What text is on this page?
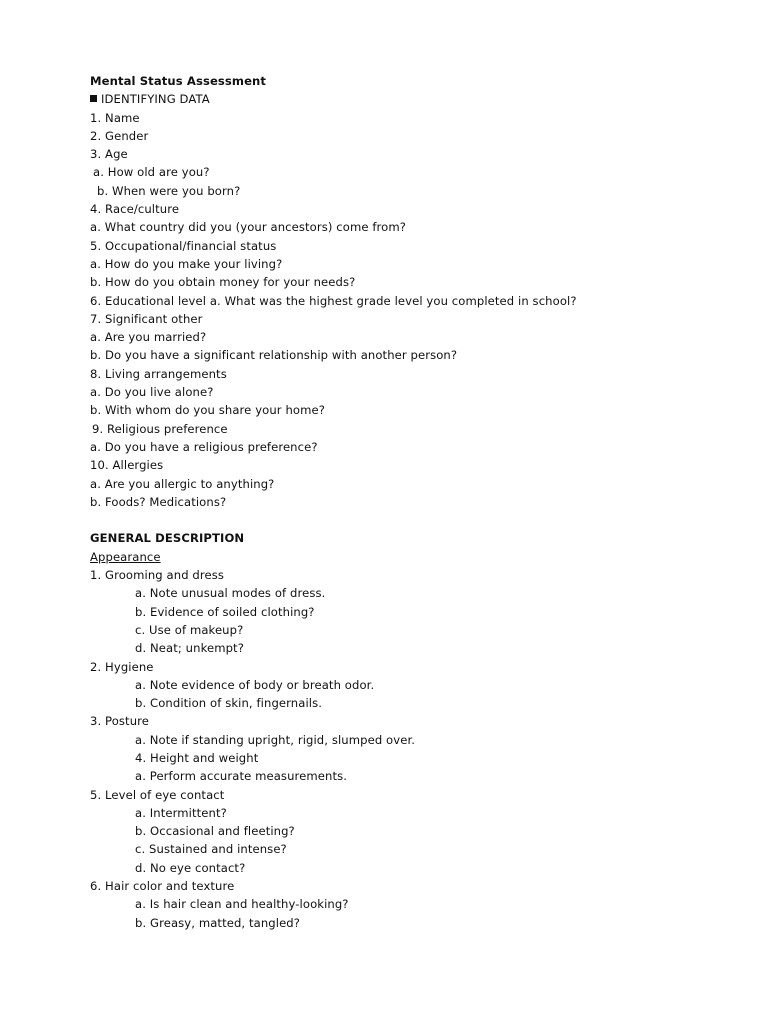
Mental Status Assessment
IDENTIFYING DATA
1. Name
2. Gender
3. Age
a. How old are you?
b. When were you born?
4. Race/culture
a. What country did you (your ancestors) come from?
5. Occupational/financial status
a. How do you make your living?
b. How do you obtain money for your needs?
6. Educational level a. What was the highest grade level you completed in school?
7. Significant other
a. Are you married?
b. Do you have a significant relationship with another person?
8. Living arrangements
a. Do you live alone?
b. With whom do you share your home?
9. Religious preference
a. Do you have a religious preference?
10. Allergies
a. Are you allergic to anything?
b. Foods? Medications?
GENERAL DESCRIPTION
Appearance
1. Grooming and dress
a. Note unusual modes of dress.
b. Evidence of soiled clothing?
c. Use of makeup?
d. Neat; unkempt?
2. Hygiene
a. Note evidence of body or breath odor.
b. Condition of skin, fingernails.
3. Posture
a. Note if standing upright, rigid, slumped over.
4. Height and weight
a. Perform accurate measurements.
5. Level of eye contact
a. Intermittent?
b. Occasional and fleeting?
c. Sustained and intense?
d. No eye contact?
6. Hair color and texture
a. Is hair clean and healthy-looking?
b. Greasy, matted, tangled?
